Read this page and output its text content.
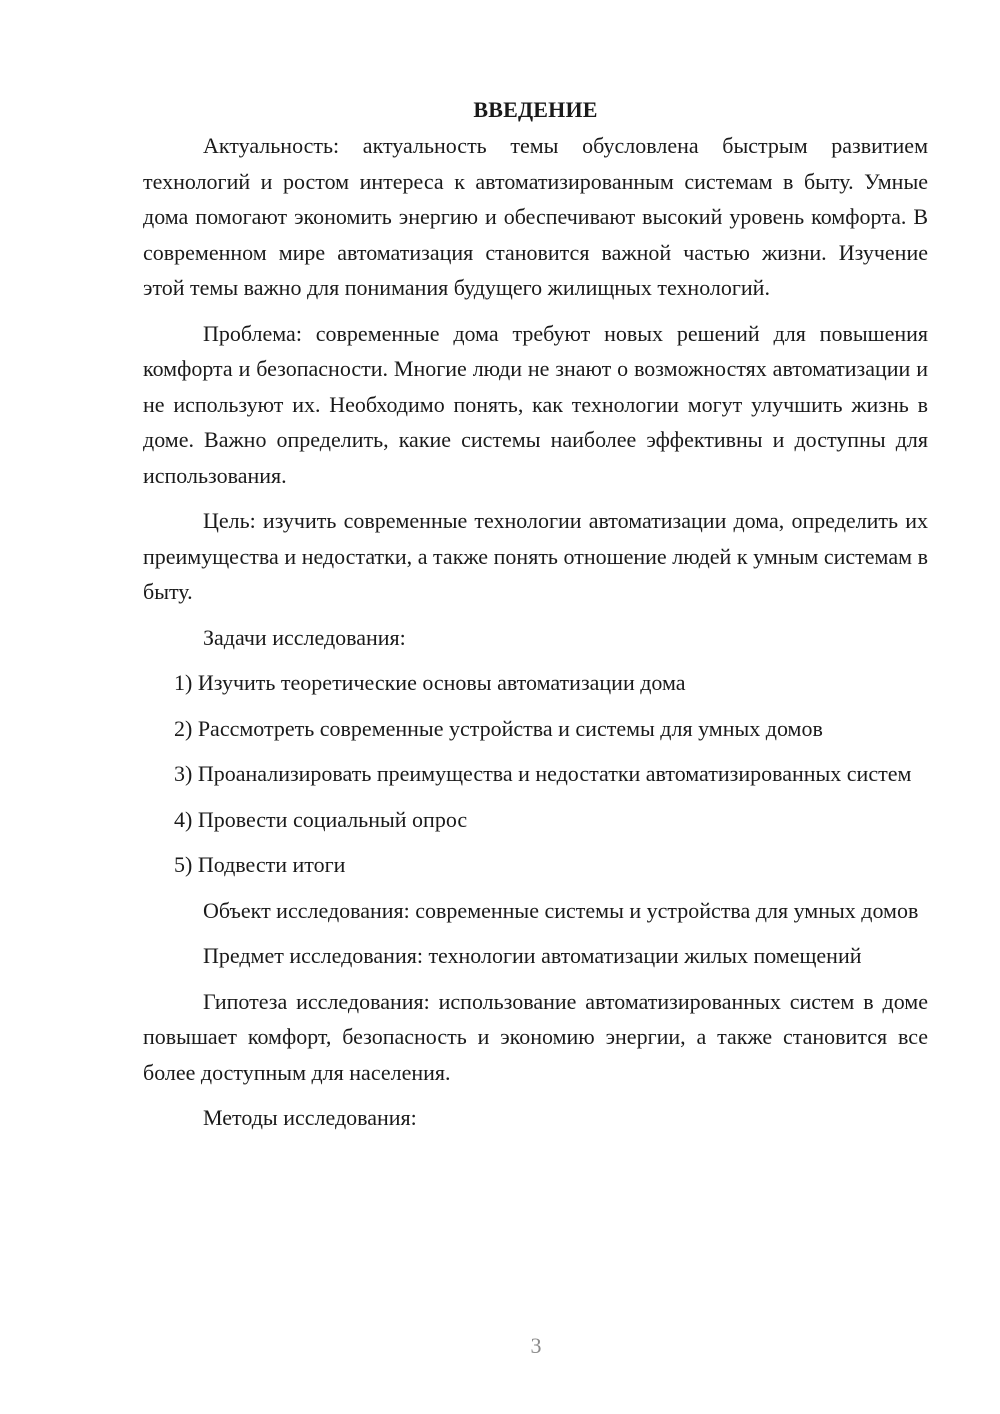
ВВЕДЕНИЕ

Актуальность: актуальность темы обусловлена быстрым развитием технологий и ростом интереса к автоматизированным системам в быту. Умные дома помогают экономить энергию и обеспечивают высокий уровень комфорта. В современном мире автоматизация становится важной частью жизни. Изучение этой темы важно для понимания будущего жилищных технологий.

Проблема: современные дома требуют новых решений для повышения комфорта и безопасности. Многие люди не знают о возможностях автоматизации и не используют их. Необходимо понять, как технологии могут улучшить жизнь в доме. Важно определить, какие системы наиболее эффективны и доступны для использования.

Цель: изучить современные технологии автоматизации дома, определить их преимущества и недостатки, а также понять отношение людей к умным системам в быту.

Задачи исследования:

1) Изучить теоретические основы автоматизации дома

2) Рассмотреть современные устройства и системы для умных домов

3) Проанализировать преимущества и недостатки автоматизированных систем

4) Провести социальный опрос

5) Подвести итоги

Объект исследования: современные системы и устройства для умных домов

Предмет исследования: технологии автоматизации жилых помещений

Гипотеза исследования: использование автоматизированных систем в доме повышает комфорт, безопасность и экономию энергии, а также становится все более доступным для населения.

Методы исследования:

3
